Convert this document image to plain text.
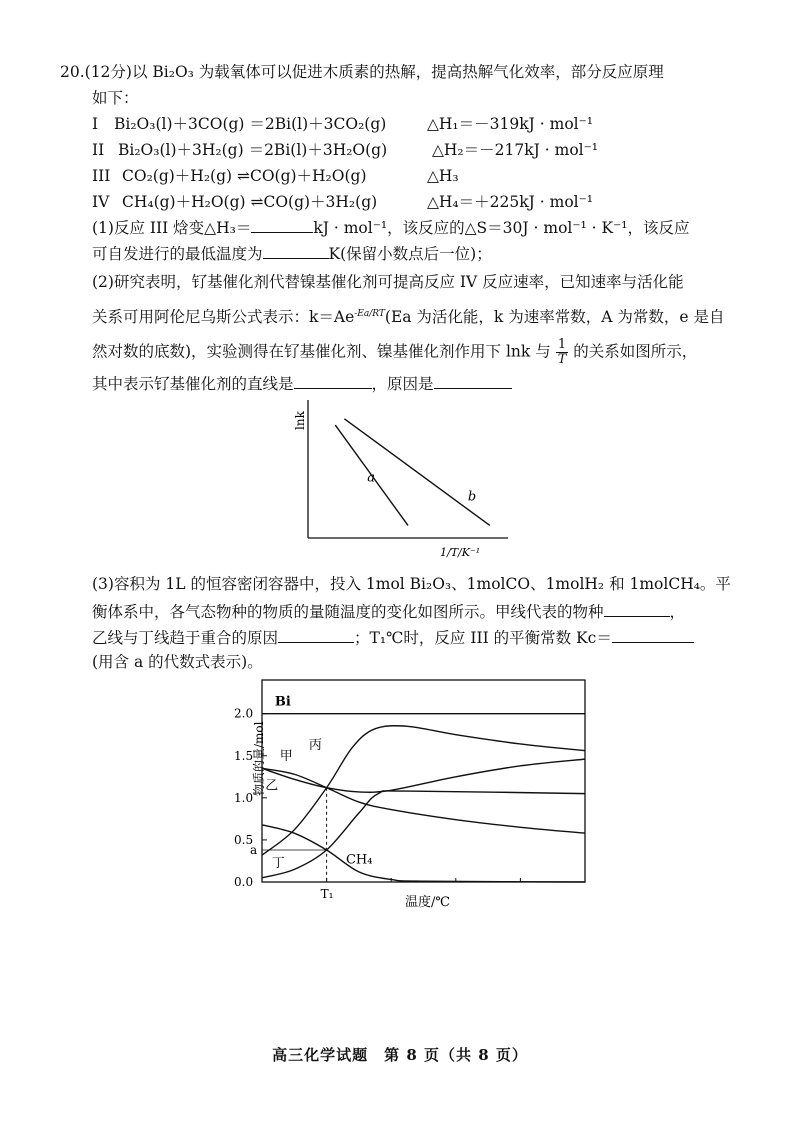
20.(12分)以 Bi₂O₃ 为载氧体可以促进木质素的热解，提高热解气化效率，部分反应原理
如下：
I Bi₂O₃(l)＋3CO(g) ＝2Bi(l)＋3CO₂(g)	△H₁＝－319kJ · mol⁻¹
II Bi₂O₃(l)＋3H₂(g) ＝2Bi(l)＋3H₂O(g)	△H₂＝－217kJ · mol⁻¹
III CO₂(g)＋H₂(g) ⇌CO(g)＋H₂O(g)	△H₃
IV CH₄(g)＋H₂O(g) ⇌CO(g)＋3H₂(g)	△H₄＝＋225kJ · mol⁻¹
(1)反应 III 焓变△H₃＝	kJ · mol⁻¹，该反应的△S＝30J · mol⁻¹ · K⁻¹，该反应
可自发进行的最低温度为	K(保留小数点后一位)；
(2)研究表明，钌基催化剂代替镍基催化剂可提高反应 IV 反应速率，已知速率与活化能
关系可用阿伦尼乌斯公式表示：$k=Ae^{-Ea/RT}(Ea$ 为活化能，k 为速率常数，A 为常数，e 是自
然对数的底数)，实验测得在钌基催化剂、镍基催化剂作用下 lnk 与 $\frac{1}{T}$ 的关系如图所示，
其中表示钌基催化剂的直线是	，原因是
lnk
1/T/K⁻¹
a
b
(3)容积为 1L 的恒容密闭容器中，投入 1mol Bi₂O₃、1molCO、1molH₂ 和 1molCH₄。平
衡体系中，各气态物种的物质的量随温度的变化如图所示。甲线代表的物种	，
乙线与丁线趋于重合的原因	；T₁℃时，反应 III 的平衡常数 Kc＝
(用含 a 的代数式表示)。
物质的量/mol
温度/℃
0.0
0.5
1.0
1.5
2.0
a
T₁
Bi
甲
乙
丙
丁	CH₄
高三化学试题　第 8 页（共 8 页）
